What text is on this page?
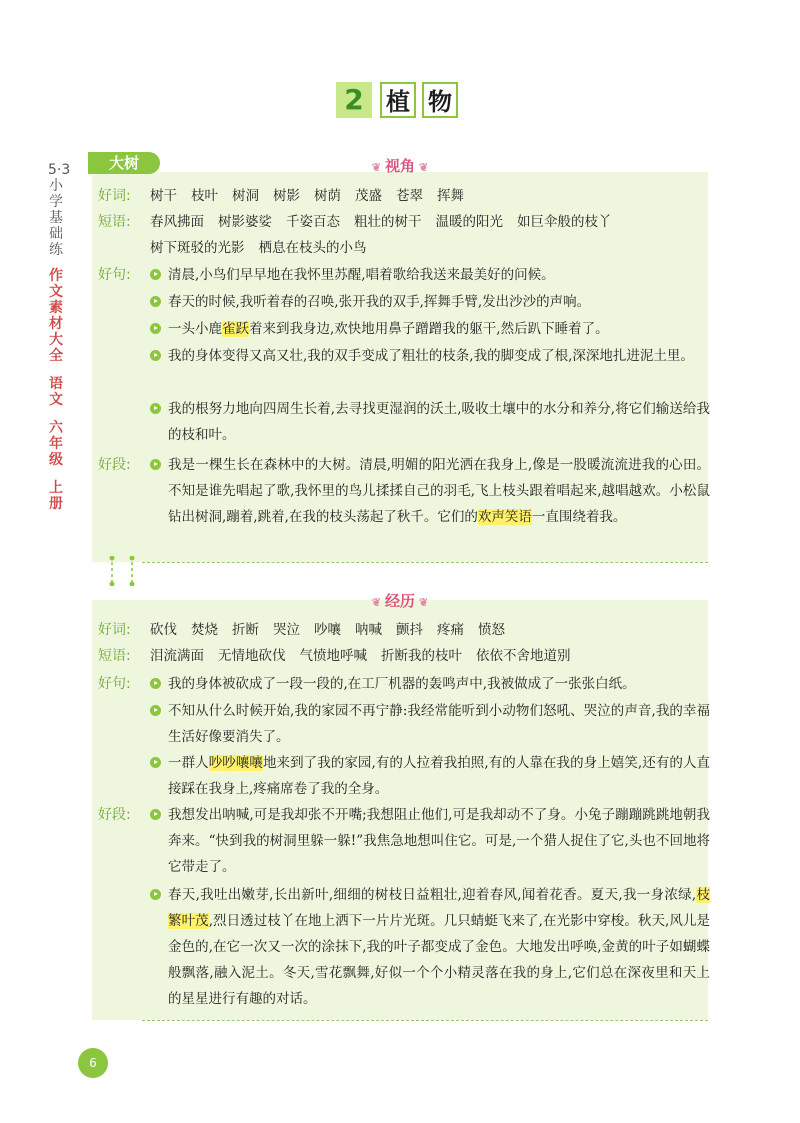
2 植 物
5·3小学基础练
作文素材大全
语文
六年级
上册
大树	❦ 视角 ❦
好词: 树干 枝叶 树洞 树影 树荫 茂盛 苍翠 挥舞
短语: 春风拂面 树影婆娑 千姿百态 粗壮的树干 温暖的阳光 如巨伞般的枝丫
树下斑驳的光影 栖息在枝头的小鸟
好句:	清晨,小鸟们早早地在我怀里苏醒,唱着歌给我送来最美好的问候。
春天的时候,我听着春的召唤,张开我的双手,挥舞手臂,发出沙沙的声响。
一头小鹿雀跃着来到我身边,欢快地用鼻子蹭蹭我的躯干,然后趴下睡着了。
我的身体变得又高又壮,我的双手变成了粗壮的枝条,我的脚变成了根,深深地扎进泥土里。
我的根努力地向四周生长着,去寻找更湿润的沃土,吸收土壤中的水分和养分,将它们输送给我的枝和叶。
好段:	我是一棵生长在森林中的大树。清晨,明媚的阳光洒在我身上,像是一股暖流流进我的心田。不知是谁先唱起了歌,我怀里的鸟儿揉揉自己的羽毛,飞上枝头跟着唱起来,越唱越欢。小松鼠钻出树洞,蹦着,跳着,在我的枝头荡起了秋千。它们的欢声笑语一直围绕着我。
❦ 经历 ❦
好词: 砍伐 焚烧 折断 哭泣 吵嚷 呐喊 颤抖 疼痛 愤怒
短语: 泪流满面 无情地砍伐 气愤地呼喊 折断我的枝叶 依依不舍地道别
好句:	我的身体被砍成了一段一段的,在工厂机器的轰鸣声中,我被做成了一张张白纸。
不知从什么时候开始,我的家园不再宁静:我经常能听到小动物们怒吼、哭泣的声音,我的幸福生活好像要消失了。
一群人吵吵嚷嚷地来到了我的家园,有的人拉着我拍照,有的人靠在我的身上嬉笑,还有的人直接踩在我身上,疼痛席卷了我的全身。
好段:	我想发出呐喊,可是我却张不开嘴;我想阻止他们,可是我却动不了身。小兔子蹦蹦跳跳地朝我奔来。“快到我的树洞里躲一躲!”我焦急地想叫住它。可是,一个猎人捉住了它,头也不回地将它带走了。
春天,我吐出嫩芽,长出新叶,细细的树枝日益粗壮,迎着春风,闻着花香。夏天,我一身浓绿,枝繁叶茂,烈日透过枝丫在地上洒下一片片光斑。几只蜻蜓飞来了,在光影中穿梭。秋天,风儿是金色的,在它一次又一次的涂抹下,我的叶子都变成了金色。大地发出呼唤,金黄的叶子如蝴蝶般飘落,融入泥土。冬天,雪花飘舞,好似一个个小精灵落在我的身上,它们总在深夜里和天上的星星进行有趣的对话。
6
